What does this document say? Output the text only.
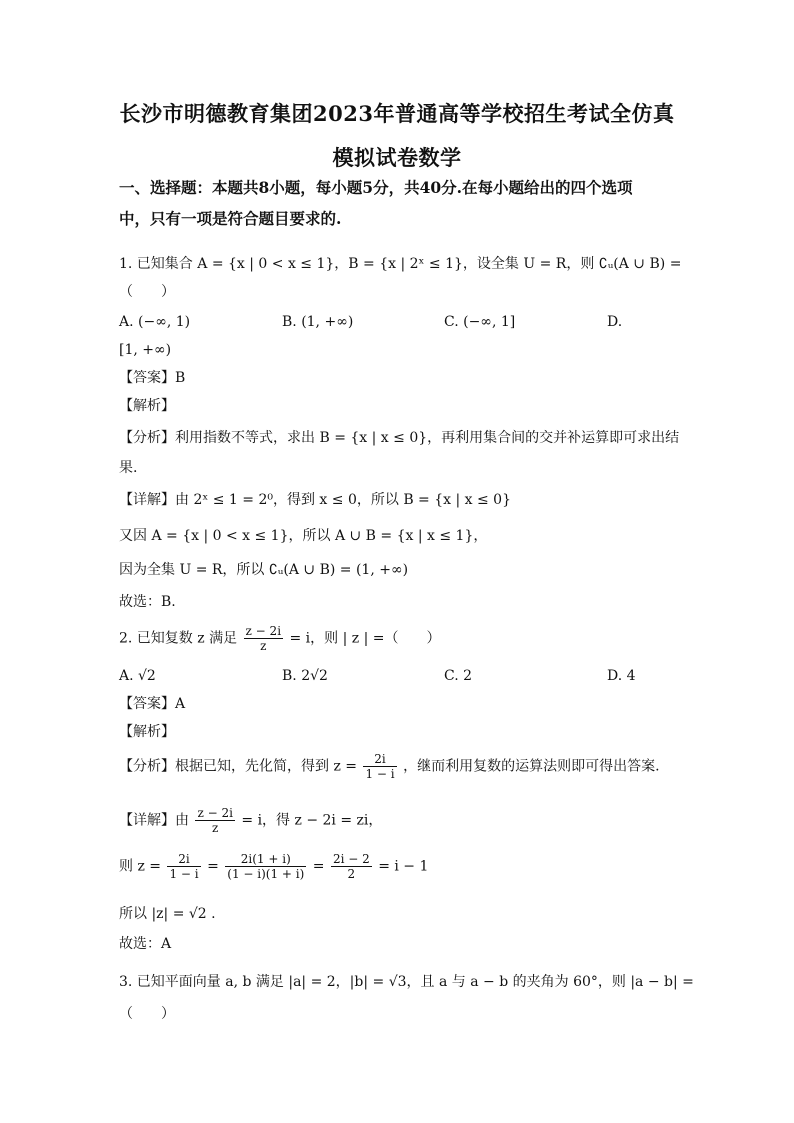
长沙市明德教育集团2023年普通高等学校招生考试全仿真
模拟试卷数学
一、选择题：本题共8小题，每小题5分，共40分.在每小题给出的四个选项
中，只有一项是符合题目要求的.
1. 已知集合 A = {x | 0 < x ≤ 1}，B = {x | 2ˣ ≤ 1}，设全集 U = R，则 ∁ᵤ(A ∪ B) =
（　　）
A. (−∞, 1)	B. (1, +∞)	C. (−∞, 1]	D.
[1, +∞)
【答案】B
【解析】
【分析】利用指数不等式，求出 B = {x | x ≤ 0}，再利用集合间的交并补运算即可求出结
果.
【详解】由 2ˣ ≤ 1 = 2⁰，得到 x ≤ 0，所以 B = {x | x ≤ 0}
又因 A = {x | 0 < x ≤ 1}，所以 A ∪ B = {x | x ≤ 1}，
因为全集 U = R，所以 ∁ᵤ(A ∪ B) = (1, +∞)
故选：B.
2. 已知复数 z 满足 $\frac{z - 2i}{z} = i$，则 | z | =（　　）
A. √2	B. 2√2	C. 2	D. 4
【答案】A
【解析】
【分析】根据已知，先化简，得到 $z = \frac{2i}{1 - i}$ ，继而利用复数的运算法则即可得出答案.
【详解】由 $\frac{z - 2i}{z} = i$，得 z − 2i = zi，
则 $z = \frac{2i}{1 - i} = \frac{2i(1 + i)}{(1 - i)(1 + i)} = \frac{2i - 2}{2} = i - 1$
所以 |z| = √2 .
故选：A
3. 已知平面向量 a, b 满足 |a| = 2，|b| = √3，且 a 与 a − b 的夹角为 60°，则 |a − b| =
（　　）
